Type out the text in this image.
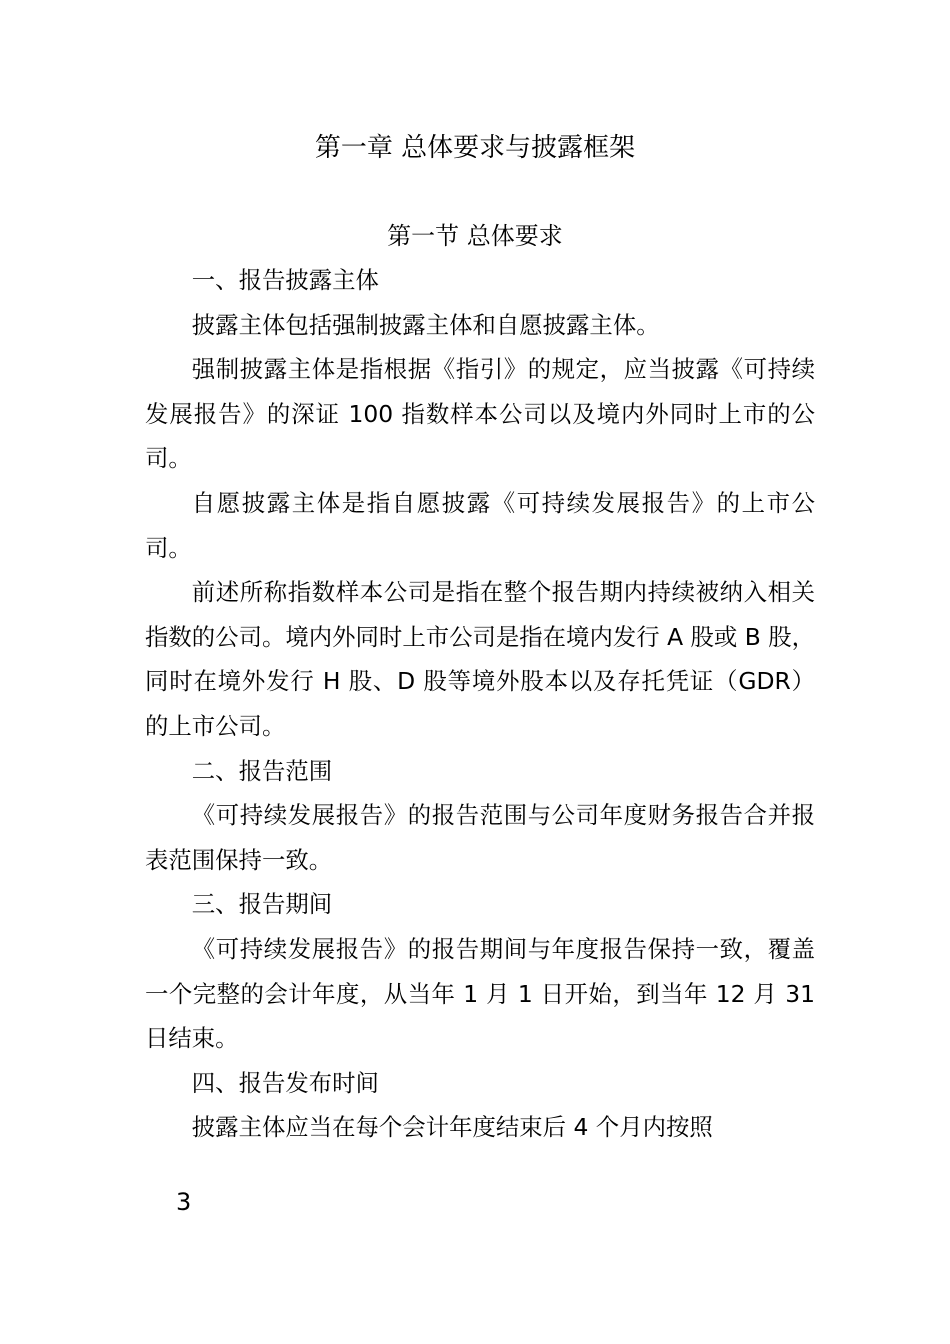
第一章 总体要求与披露框架
第一节 总体要求

一、报告披露主体

披露主体包括强制披露主体和自愿披露主体。

强制披露主体是指根据《指引》的规定，应当披露《可持续发展报告》的深证 100 指数样本公司以及境内外同时上市的公司。

自愿披露主体是指自愿披露《可持续发展报告》的上市公司。

前述所称指数样本公司是指在整个报告期内持续被纳入相关指数的公司。境内外同时上市公司是指在境内发行 A 股或 B 股，同时在境外发行 H 股、D 股等境外股本以及存托凭证（GDR）的上市公司。

二、报告范围

《可持续发展报告》的报告范围与公司年度财务报告合并报表范围保持一致。

三、报告期间

《可持续发展报告》的报告期间与年度报告保持一致，覆盖一个完整的会计年度，从当年 1 月 1 日开始，到当年 12 月 31 日结束。

四、报告发布时间

披露主体应当在每个会计年度结束后 4 个月内按照

3
